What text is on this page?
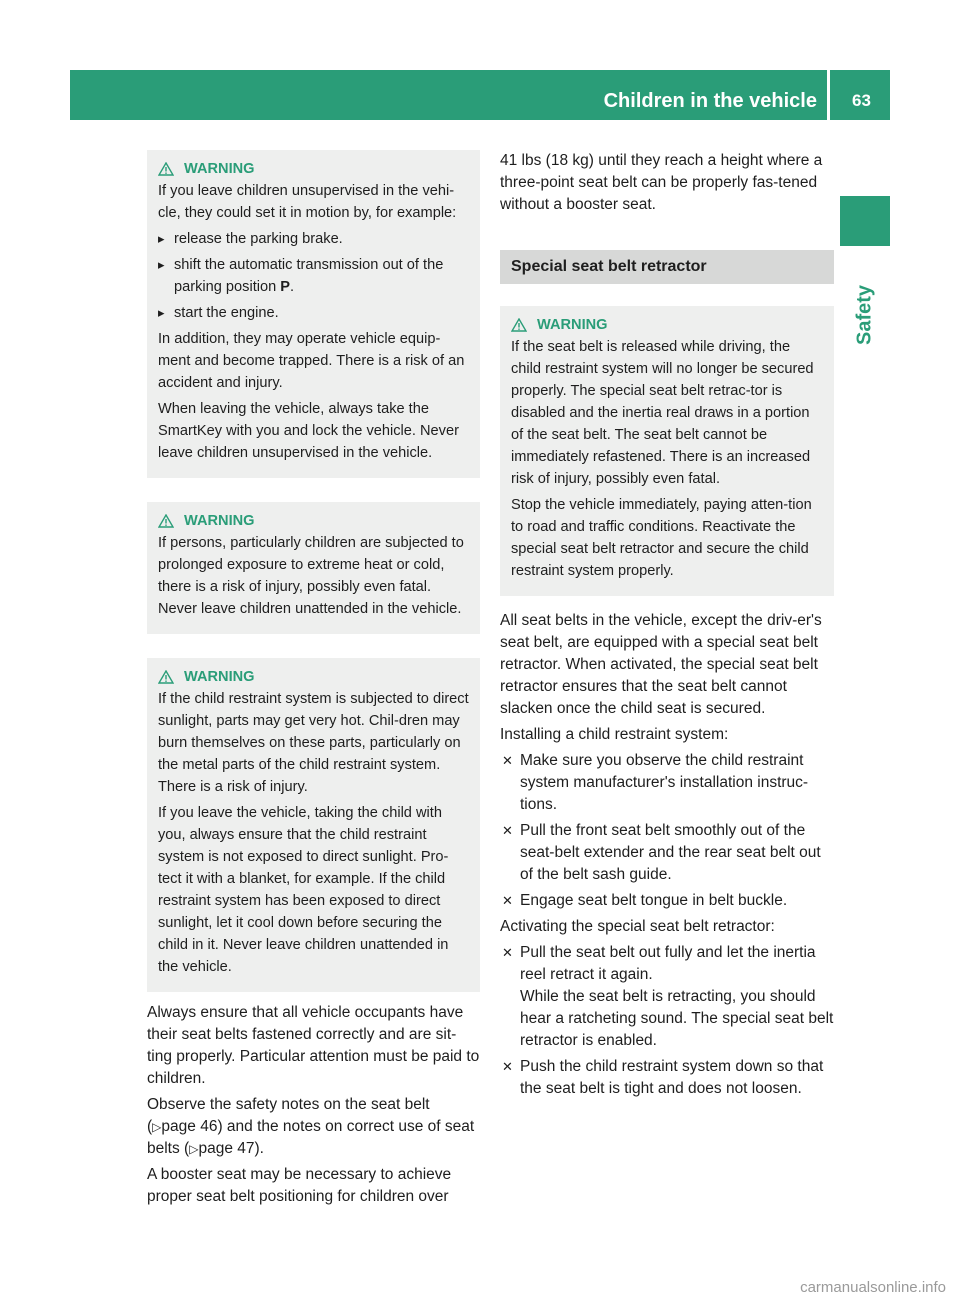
Children in the vehicle	63
Safety
WARNING

If you leave children unsupervised in the vehi-cle, they could set it in motion by, for example:

▸ release the parking brake.
▸ shift the automatic transmission out of the parking position P.
▸ start the engine.

In addition, they may operate vehicle equip-ment and become trapped. There is a risk of an accident and injury.

When leaving the vehicle, always take the SmartKey with you and lock the vehicle. Never leave children unsupervised in the vehicle.

WARNING

If persons, particularly children are subjected to prolonged exposure to extreme heat or cold, there is a risk of injury, possibly even fatal. Never leave children unattended in the vehicle.

WARNING

If the child restraint system is subjected to direct sunlight, parts may get very hot. Chil-dren may burn themselves on these parts, particularly on the metal parts of the child restraint system. There is a risk of injury.

If you leave the vehicle, taking the child with you, always ensure that the child restraint system is not exposed to direct sunlight. Pro-tect it with a blanket, for example. If the child restraint system has been exposed to direct sunlight, let it cool down before securing the child in it. Never leave children unattended in the vehicle.

Always ensure that all vehicle occupants have their seat belts fastened correctly and are sit-ting properly. Particular attention must be paid to children.

Observe the safety notes on the seat belt (▷page 46) and the notes on correct use of seat belts (▷page 47).

A booster seat may be necessary to achieve proper seat belt positioning for children over

41 lbs (18 kg) until they reach a height where a three-point seat belt can be properly fas-tened without a booster seat.

Special seat belt retractor
WARNING

If the seat belt is released while driving, the child restraint system will no longer be secured properly. The special seat belt retrac-tor is disabled and the inertia real draws in a portion of the seat belt. The seat belt cannot be immediately refastened. There is an increased risk of injury, possibly even fatal.

Stop the vehicle immediately, paying atten-tion to road and traffic conditions. Reactivate the special seat belt retractor and secure the child restraint system properly.

All seat belts in the vehicle, except the driv-er's seat belt, are equipped with a special seat belt retractor. When activated, the special seat belt retractor ensures that the seat belt cannot slacken once the child seat is secured.

Installing a child restraint system:

✕ Make sure you observe the child restraint system manufacturer's installation instruc-tions.
✕ Pull the front seat belt smoothly out of the seat-belt extender and the rear seat belt out of the belt sash guide.
✕ Engage seat belt tongue in belt buckle.

Activating the special seat belt retractor:

✕ Pull the seat belt out fully and let the inertia reel retract it again.
While the seat belt is retracting, you should hear a ratcheting sound. The special seat belt retractor is enabled.
✕ Push the child restraint system down so that the seat belt is tight and does not loosen.
carmanualsonline.info
